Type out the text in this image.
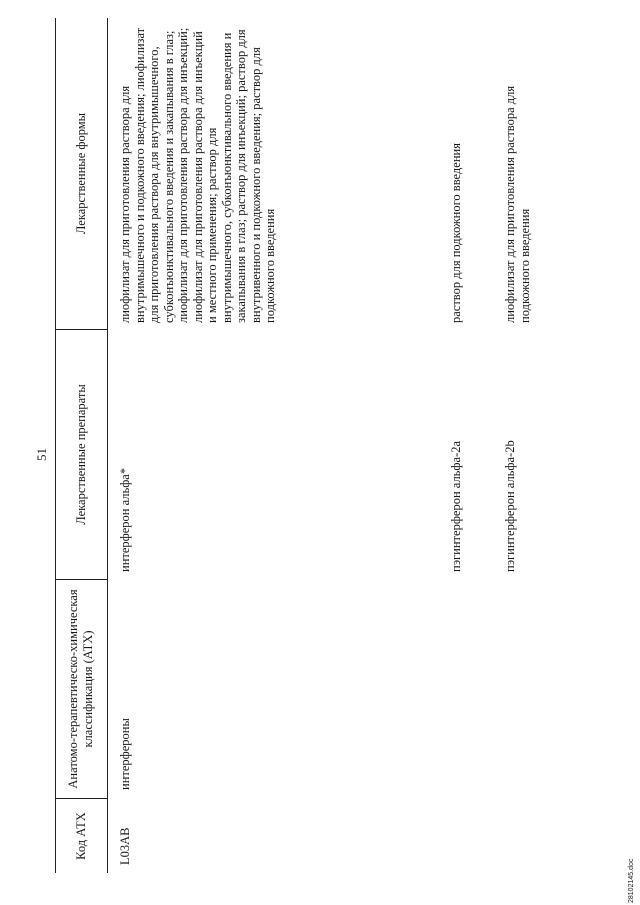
51
Код АТХ
Анатомо-терапевтическо-химическая классификация (АТХ)
Лекарственные препараты
Лекарственные формы
L03AB
интерфероны
интерферон альфа*
лиофилизат для приготовления раствора для внутримышечного и подкожного введения; лиофилизат для приготовления раствора для внутримышечного, субконъюнктивального введения и закапывания в глаз; лиофилизат для приготовления раствора для инъекций; лиофилизат для приготовления раствора для инъекций и местного применения; раствор для внутримышечного, субконъюнктивального введения и закапывания в глаз; раствор для инъекций; раствор для внутривенного и подкожного введения; раствор для подкожного введения
пэгинтерферон альфа-2a
раствор для подкожного введения
пэгинтерферон альфа-2b
лиофилизат для приготовления раствора для подкожного введения
28102145.doc
